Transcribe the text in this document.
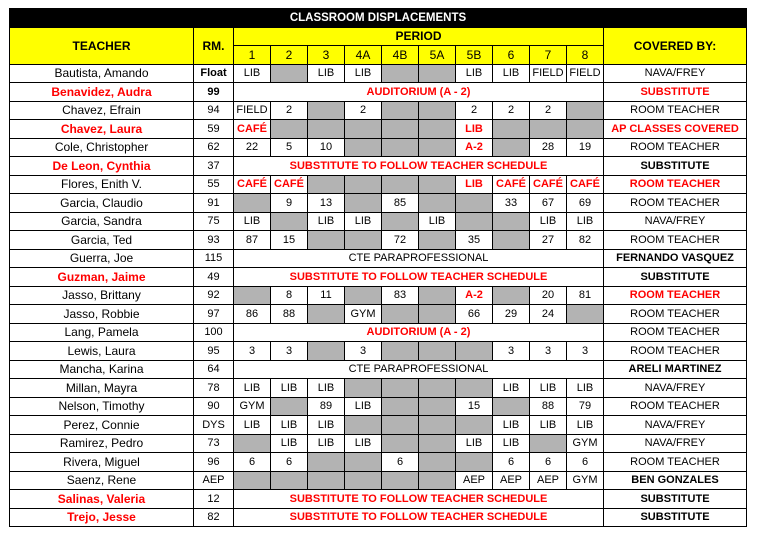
CLASSROOM DISPLACEMENTS												
TEACHER	RM.	PERIOD										COVERED BY:
		1	2	3	4A	4B	5A	5B	6	7	8	
Bautista, Amando	Float	LIB		LIB	LIB			LIB	LIB	FIELD	FIELD	NAVA/FREY
Benavidez, Audra	99	AUDITORIUM (A - 2)										SUBSTITUTE
Chavez, Efrain	94	FIELD	2		2			2	2	2		ROOM TEACHER
Chavez, Laura	59	CAFÉ						LIB				AP CLASSES COVERED
Cole, Christopher	62	22	5	10				A-2		28	19	ROOM TEACHER
De Leon, Cynthia	37	SUBSTITUTE TO FOLLOW TEACHER SCHEDULE										SUBSTITUTE
Flores, Enith V.	55	CAFÉ	CAFÉ					LIB	CAFÉ	CAFÉ	CAFÉ	ROOM TEACHER
Garcia, Claudio	91		9	13		85			33	67	69	ROOM TEACHER
Garcia, Sandra	75	LIB		LIB	LIB		LIB			LIB	LIB	NAVA/FREY
Garcia, Ted	93	87	15			72		35		27	82	ROOM TEACHER
Guerra, Joe	115	CTE PARAPROFESSIONAL										FERNANDO VASQUEZ
Guzman, Jaime	49	SUBSTITUTE TO FOLLOW TEACHER SCHEDULE										SUBSTITUTE
Jasso, Brittany	92		8	11		83		A-2		20	81	ROOM TEACHER
Jasso, Robbie	97	86	88		GYM			66	29	24		ROOM TEACHER
Lang, Pamela	100	AUDITORIUM (A - 2)										ROOM TEACHER
Lewis, Laura	95	3	3		3				3	3	3	ROOM TEACHER
Mancha, Karina	64	CTE PARAPROFESSIONAL										ARELI MARTINEZ
Millan, Mayra	78	LIB	LIB	LIB					LIB	LIB	LIB	NAVA/FREY
Nelson, Timothy	90	GYM		89	LIB			15		88	79	ROOM TEACHER
Perez, Connie	DYS	LIB	LIB	LIB					LIB	LIB	LIB	NAVA/FREY
Ramirez, Pedro	73		LIB	LIB	LIB			LIB	LIB		GYM	NAVA/FREY
Rivera, Miguel	96	6	6			6			6	6	6	ROOM TEACHER
Saenz, Rene	AEP							AEP	AEP	AEP	GYM	BEN GONZALES
Salinas, Valeria	12	SUBSTITUTE TO FOLLOW TEACHER SCHEDULE										SUBSTITUTE
Trejo, Jesse	82	SUBSTITUTE TO FOLLOW TEACHER SCHEDULE										SUBSTITUTE
